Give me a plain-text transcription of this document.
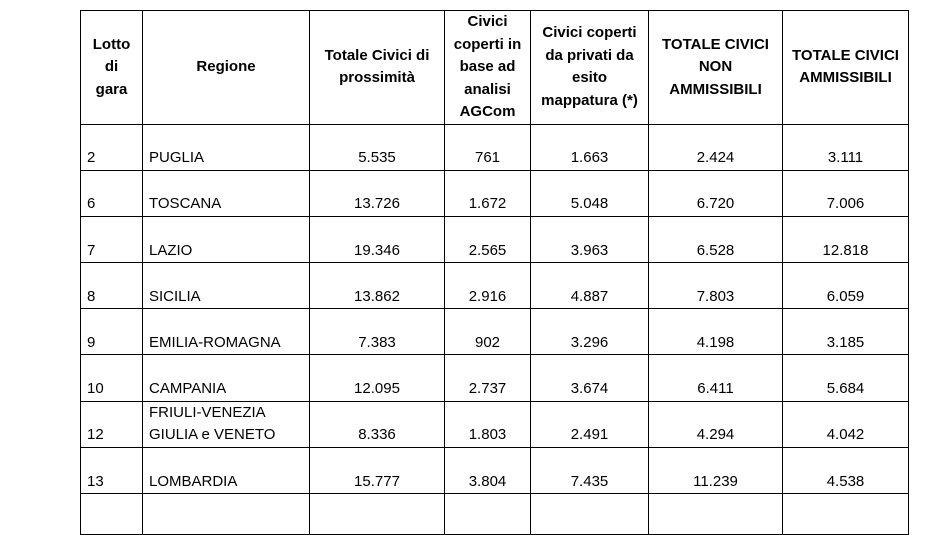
Lotto di gara	Regione	Totale Civici di prossimità	Civici coperti in base ad analisi AGCom	Civici coperti da privati da esito mappatura (*)	TOTALE CIVICI NON AMMISSIBILI	TOTALE CIVICI AMMISSIBILI
2	PUGLIA	5.535	761	1.663	2.424	3.111
6	TOSCANA	13.726	1.672	5.048	6.720	7.006
7	LAZIO	19.346	2.565	3.963	6.528	12.818
8	SICILIA	13.862	2.916	4.887	7.803	6.059
9	EMILIA-ROMAGNA	7.383	902	3.296	4.198	3.185
10	CAMPANIA	12.095	2.737	3.674	6.411	5.684
12	FRIULI-VENEZIA GIULIA e VENETO	8.336	1.803	2.491	4.294	4.042
13	LOMBARDIA	15.777	3.804	7.435	11.239	4.538
